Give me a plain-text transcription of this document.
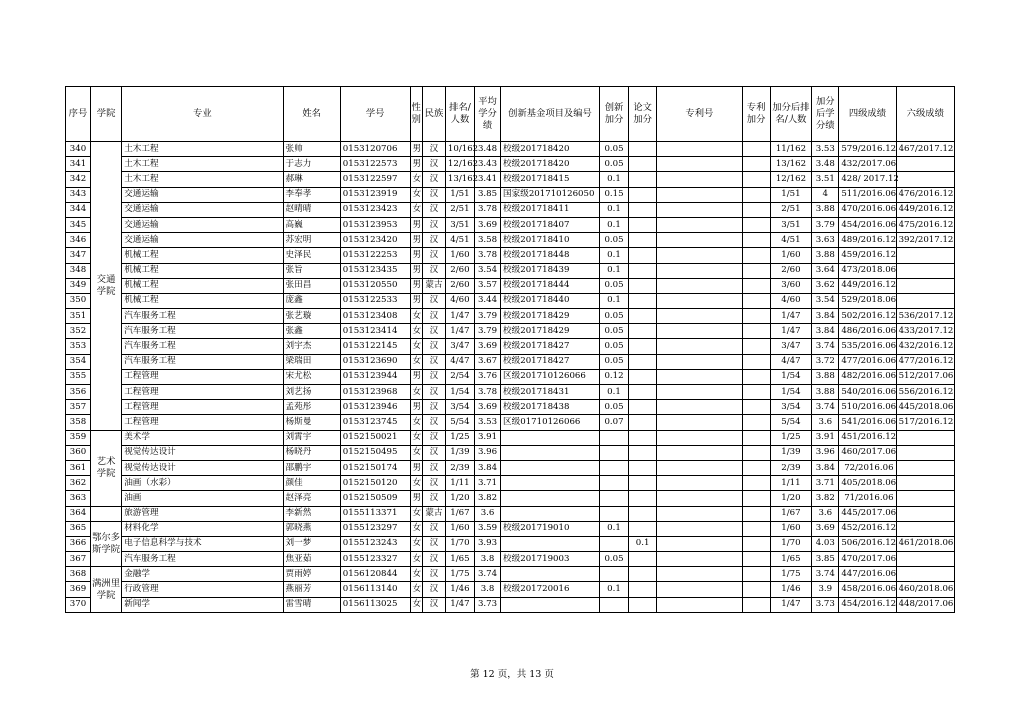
序号	学院	专业	姓名	学号	性别	民族	排名/人数	平均学分绩	创新基金项目及编号	创新加分	论文加分	专利号	专利加分	加分后排名/人数	加分后学分绩	四级成绩	六级成绩
340	交通 学院	土木工程	张帅	0153120706	男	汉	10/162	3.48	校级201718420	0.05				11/162	3.53	579/2016.12	467/2017.12
341		土木工程	于志力	0153122573	男	汉	12/162	3.43	校级201718420	0.05				13/162	3.48	432/2017.06	
342		土木工程	郝琳	0153122597	女	汉	13/162	3.41	校级201718415	0.1				12/162	3.51	428/ 2017.12	
343		交通运输	李奉孝	0153123919	女	汉	1/51	3.85	国家级201710126050	0.15				1/51	4	511/2016.06	476/2016.12
344		交通运输	赵晴晴	0153123423	女	汉	2/51	3.78	校级201718411	0.1				2/51	3.88	470/2016.06	449/2016.12
345		交通运输	高巍	0153123953	男	汉	3/51	3.69	校级201718407	0.1				3/51	3.79	454/2016.06	475/2016.12
346		交通运输	苏宏明	0153123420	男	汉	4/51	3.58	校级201718410	0.05				4/51	3.63	489/2016.12	392/2017.12
347		机械工程	史泽民	0153122253	男	汉	1/60	3.78	校级201718448	0.1				1/60	3.88	459/2016.12	
348		机械工程	张旨	0153123435	男	汉	2/60	3.54	校级201718439	0.1				2/60	3.64	473/2018.06	
349		机械工程	张田昌	0153120550	男	蒙古	2/60	3.57	校级201718444	0.05				3/60	3.62	449/2016.12	
350		机械工程	庞鑫	0153122533	男	汉	4/60	3.44	校级201718440	0.1				4/60	3.54	529/2018.06	
351		汽车服务工程	张艺璇	0153123408	女	汉	1/47	3.79	校级201718429	0.05				1/47	3.84	502/2016.12	536/2017.12
352		汽车服务工程	张鑫	0153123414	女	汉	1/47	3.79	校级201718429	0.05				1/47	3.84	486/2016.06	433/2017.12
353		汽车服务工程	刘宇杰	0153122145	女	汉	3/47	3.69	校级201718427	0.05				3/47	3.74	535/2016.06	432/2016.12
354		汽车服务工程	梁瑞田	0153123690	女	汉	4/47	3.67	校级201718427	0.05				4/47	3.72	477/2016.06	477/2016.12
355		工程管理	宋尤松	0153123944	男	汉	2/54	3.76	区级201710126066	0.12				1/54	3.88	482/2016.06	512/2017.06
356		工程管理	刘艺扬	0153123968	女	汉	1/54	3.78	校级201718431	0.1				1/54	3.88	540/2016.06	556/2016.12
357		工程管理	孟苑彤	0153123946	男	汉	3/54	3.69	校级201718438	0.05				3/54	3.74	510/2016.06	445/2018.06
358		工程管理	杨斯曼	0153123745	女	汉	5/54	3.53	区级01710126066	0.07				5/54	3.6	541/2016.06	517/2016.12
359	艺术 学院	美术学	刘霄宇	0152150021	女	汉	1/25	3.91						1/25	3.91	451/2016.12	
360		视觉传达设计	杨晓丹	0152150495	女	汉	1/39	3.96						1/39	3.96	460/2017.06	
361		视觉传达设计	邵鹏宇	0152150174	男	汉	2/39	3.84						2/39	3.84	72/2016.06	
362		油画（水彩）	颜佳	0152150120	女	汉	1/11	3.71						1/11	3.71	405/2018.06	
363		油画	赵泽亮	0152150509	男	汉	1/20	3.82						1/20	3.82	71/2016.06	
364		旅游管理	李新然	0155113371	女	蒙古	1/67	3.6						1/67	3.6	445/2017.06	
365	鄂尔多 斯学院	材料化学	郭晓燕	0155123297	女	汉	1/60	3.59	校级201719010	0.1				1/60	3.69	452/2016.12	
366		电子信息科学与技术	刘一梦	0155123243	女	汉	1/70	3.93			0.1			1/70	4.03	506/2016.12	461/2018.06
367		汽车服务工程	焦亚茹	0155123327	女	汉	1/65	3.8	校级201719003	0.05				1/65	3.85	470/2017.06	
368	满洲里 学院	金融学	贾雨婷	0156120844	女	汉	1/75	3.74						1/75	3.74	447/2016.06	
369		行政管理	燕丽芳	0156113140	女	汉	1/46	3.8	校级201720016	0.1				1/46	3.9	458/2016.06	460/2018.06
370		新闻学	雷雪晴	0156113025	女	汉	1/47	3.73						1/47	3.73	454/2016.12	448/2017.06
第 12 页，共 13 页
